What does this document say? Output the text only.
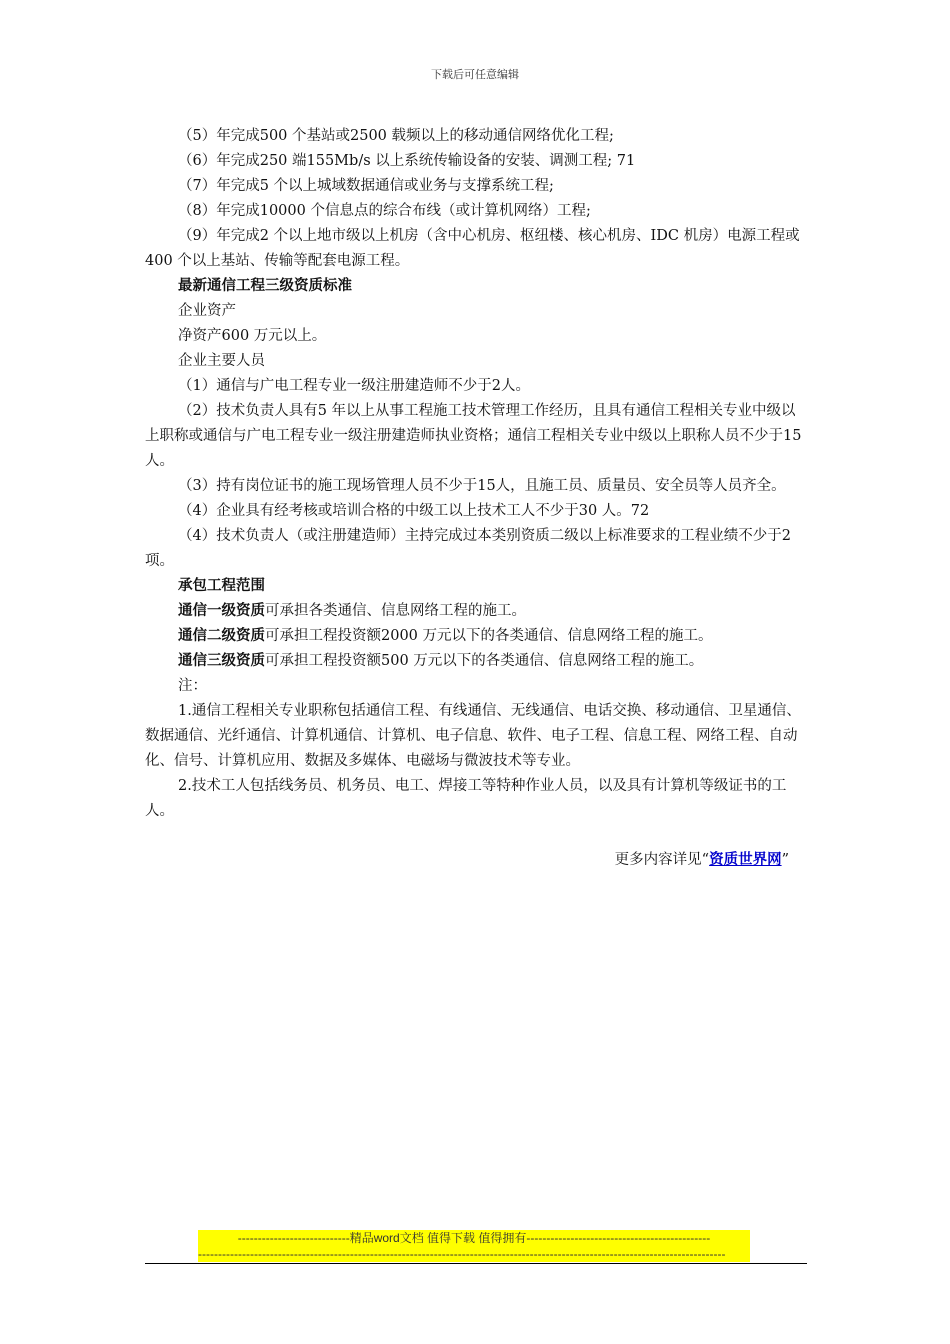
下载后可任意编辑

（5）年完成500 个基站或2500 载频以上的移动通信网络优化工程;

（6）年完成250 端155Mb/s 以上系统传输设备的安装、调测工程; 71

（7）年完成5 个以上城域数据通信或业务与支撑系统工程;

（8）年完成10000 个信息点的综合布线（或计算机网络）工程;

（9）年完成2 个以上地市级以上机房（含中心机房、枢纽楼、核心机房、IDC 机房）电源工程或400 个以上基站、传输等配套电源工程。

最新通信工程三级资质标准

企业资产

净资产600 万元以上。

企业主要人员

（1）通信与广电工程专业一级注册建造师不少于2人。

（2）技术负责人具有5 年以上从事工程施工技术管理工作经历，且具有通信工程相关专业中级以上职称或通信与广电工程专业一级注册建造师执业资格；通信工程相关专业中级以上职称人员不少于15 人。

（3）持有岗位证书的施工现场管理人员不少于15人，且施工员、质量员、安全员等人员齐全。

（4）企业具有经考核或培训合格的中级工以上技术工人不少于30 人。72

（4）技术负责人（或注册建造师）主持完成过本类别资质二级以上标准要求的工程业绩不少于2 项。

承包工程范围

通信一级资质可承担各类通信、信息网络工程的施工。

通信二级资质可承担工程投资额2000 万元以下的各类通信、信息网络工程的施工。

通信三级资质可承担工程投资额500 万元以下的各类通信、信息网络工程的施工。

注：

1.通信工程相关专业职称包括通信工程、有线通信、无线通信、电话交换、移动通信、卫星通信、数据通信、光纤通信、计算机通信、计算机、电子信息、软件、电子工程、信息工程、网络工程、自动化、信号、计算机应用、数据及多媒体、电磁场与微波技术等专业。

2.技术工人包括线务员、机务员、电工、焊接工等特种作业人员，以及具有计算机等级证书的工人。

更多内容详见“资质世界网”

----------------------------精品word文档 值得下载 值得拥有----------------------------------------------
------------------------------------------------------------------------------------------------------------------------------------
